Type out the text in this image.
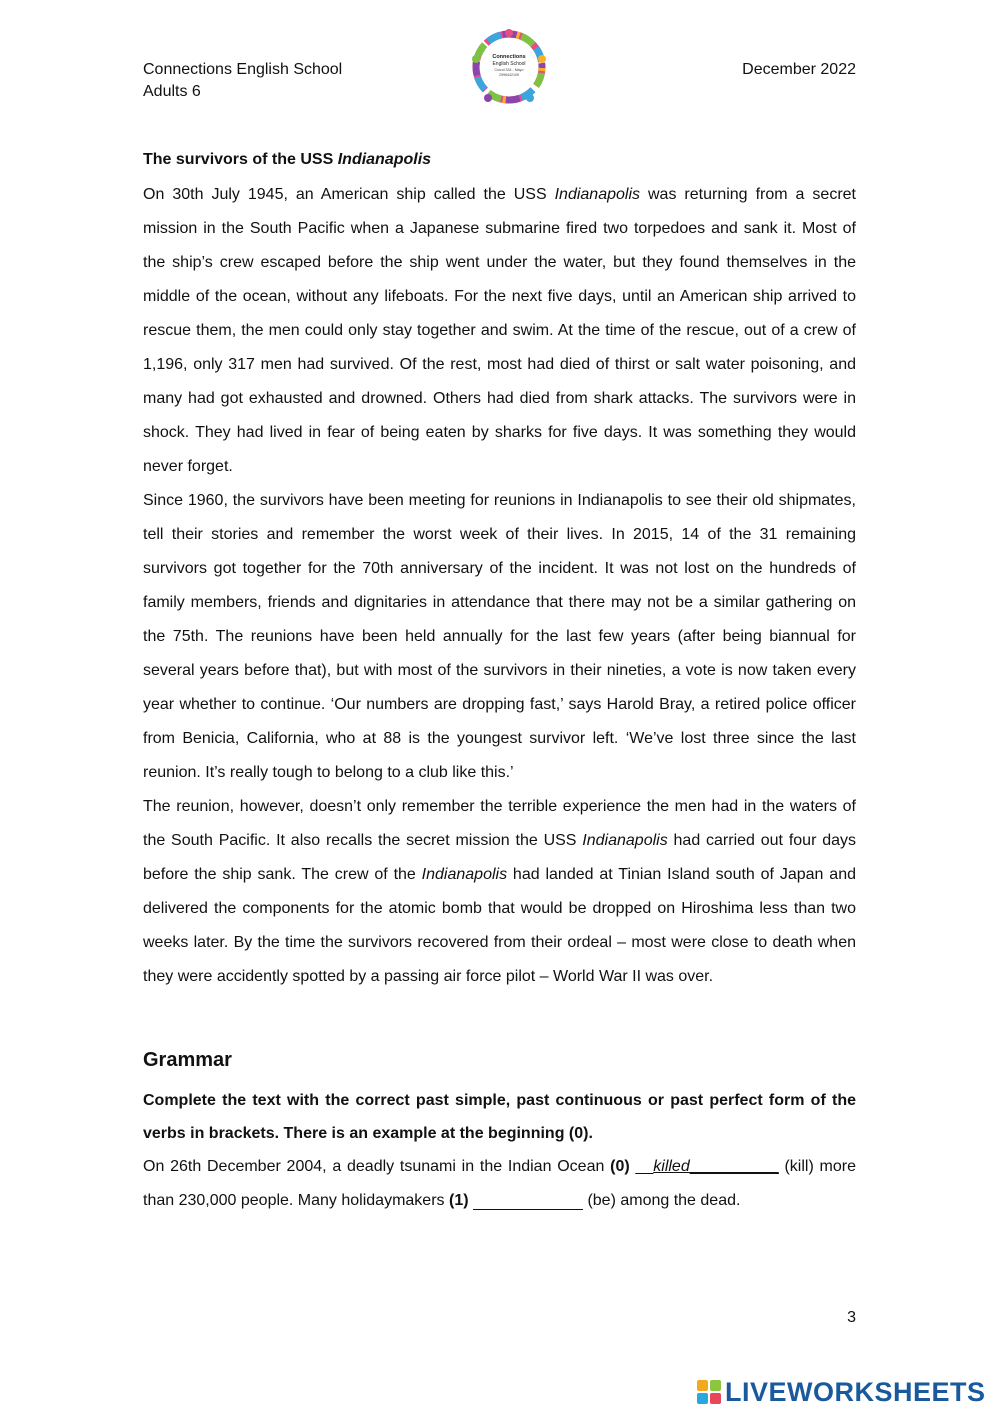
Connections English School
Adults 6
Connections
English School
Cuicui 334 - Mayo
2996442105	December 2022

The survivors of the USS Indianapolis

On 30th July 1945, an American ship called the USS Indianapolis was returning from a secret mission in the South Pacific when a Japanese submarine fired two torpedoes and sank it. Most of the ship’s crew escaped before the ship went under the water, but they found themselves in the middle of the ocean, without any lifeboats. For the next five days, until an American ship arrived to rescue them, the men could only stay together and swim. At the time of the rescue, out of a crew of 1,196, only 317 men had survived. Of the rest, most had died of thirst or salt water poisoning, and many had got exhausted and drowned. Others had died from shark attacks. The survivors were in shock. They had lived in fear of being eaten by sharks for five days. It was something they would never forget.

Since 1960, the survivors have been meeting for reunions in Indianapolis to see their old shipmates, tell their stories and remember the worst week of their lives. In 2015, 14 of the 31 remaining survivors got together for the 70th anniversary of the incident. It was not lost on the hundreds of family members, friends and dignitaries in attendance that there may not be a similar gathering on the 75th. The reunions have been held annually for the last few years (after being biannual for several years before that), but with most of the survivors in their nineties, a vote is now taken every year whether to continue. ‘Our numbers are dropping fast,’ says Harold Bray, a retired police officer from Benicia, California, who at 88 is the youngest survivor left. ‘We’ve lost three since the last reunion. It’s really tough to belong to a club like this.’

The reunion, however, doesn’t only remember the terrible experience the men had in the waters of the South Pacific. It also recalls the secret mission the USS Indianapolis had carried out four days before the ship sank. The crew of the Indianapolis had landed at Tinian Island south of Japan and delivered the components for the atomic bomb that would be dropped on Hiroshima less than two weeks later. By the time the survivors recovered from their ordeal – most were close to death when they were accidently spotted by a passing air force pilot – World War II was over.

Grammar

Complete the text with the correct past simple, past continuous or past perfect form of the verbs in brackets. There is an example at the beginning (0).

On 26th December 2004, a deadly tsunami in the Indian Ocean (0) __killed__________ (kill) more than 230,000 people. Many holidaymakers (1)	(be) among the dead.

3
LIVEWORKSHEETS
